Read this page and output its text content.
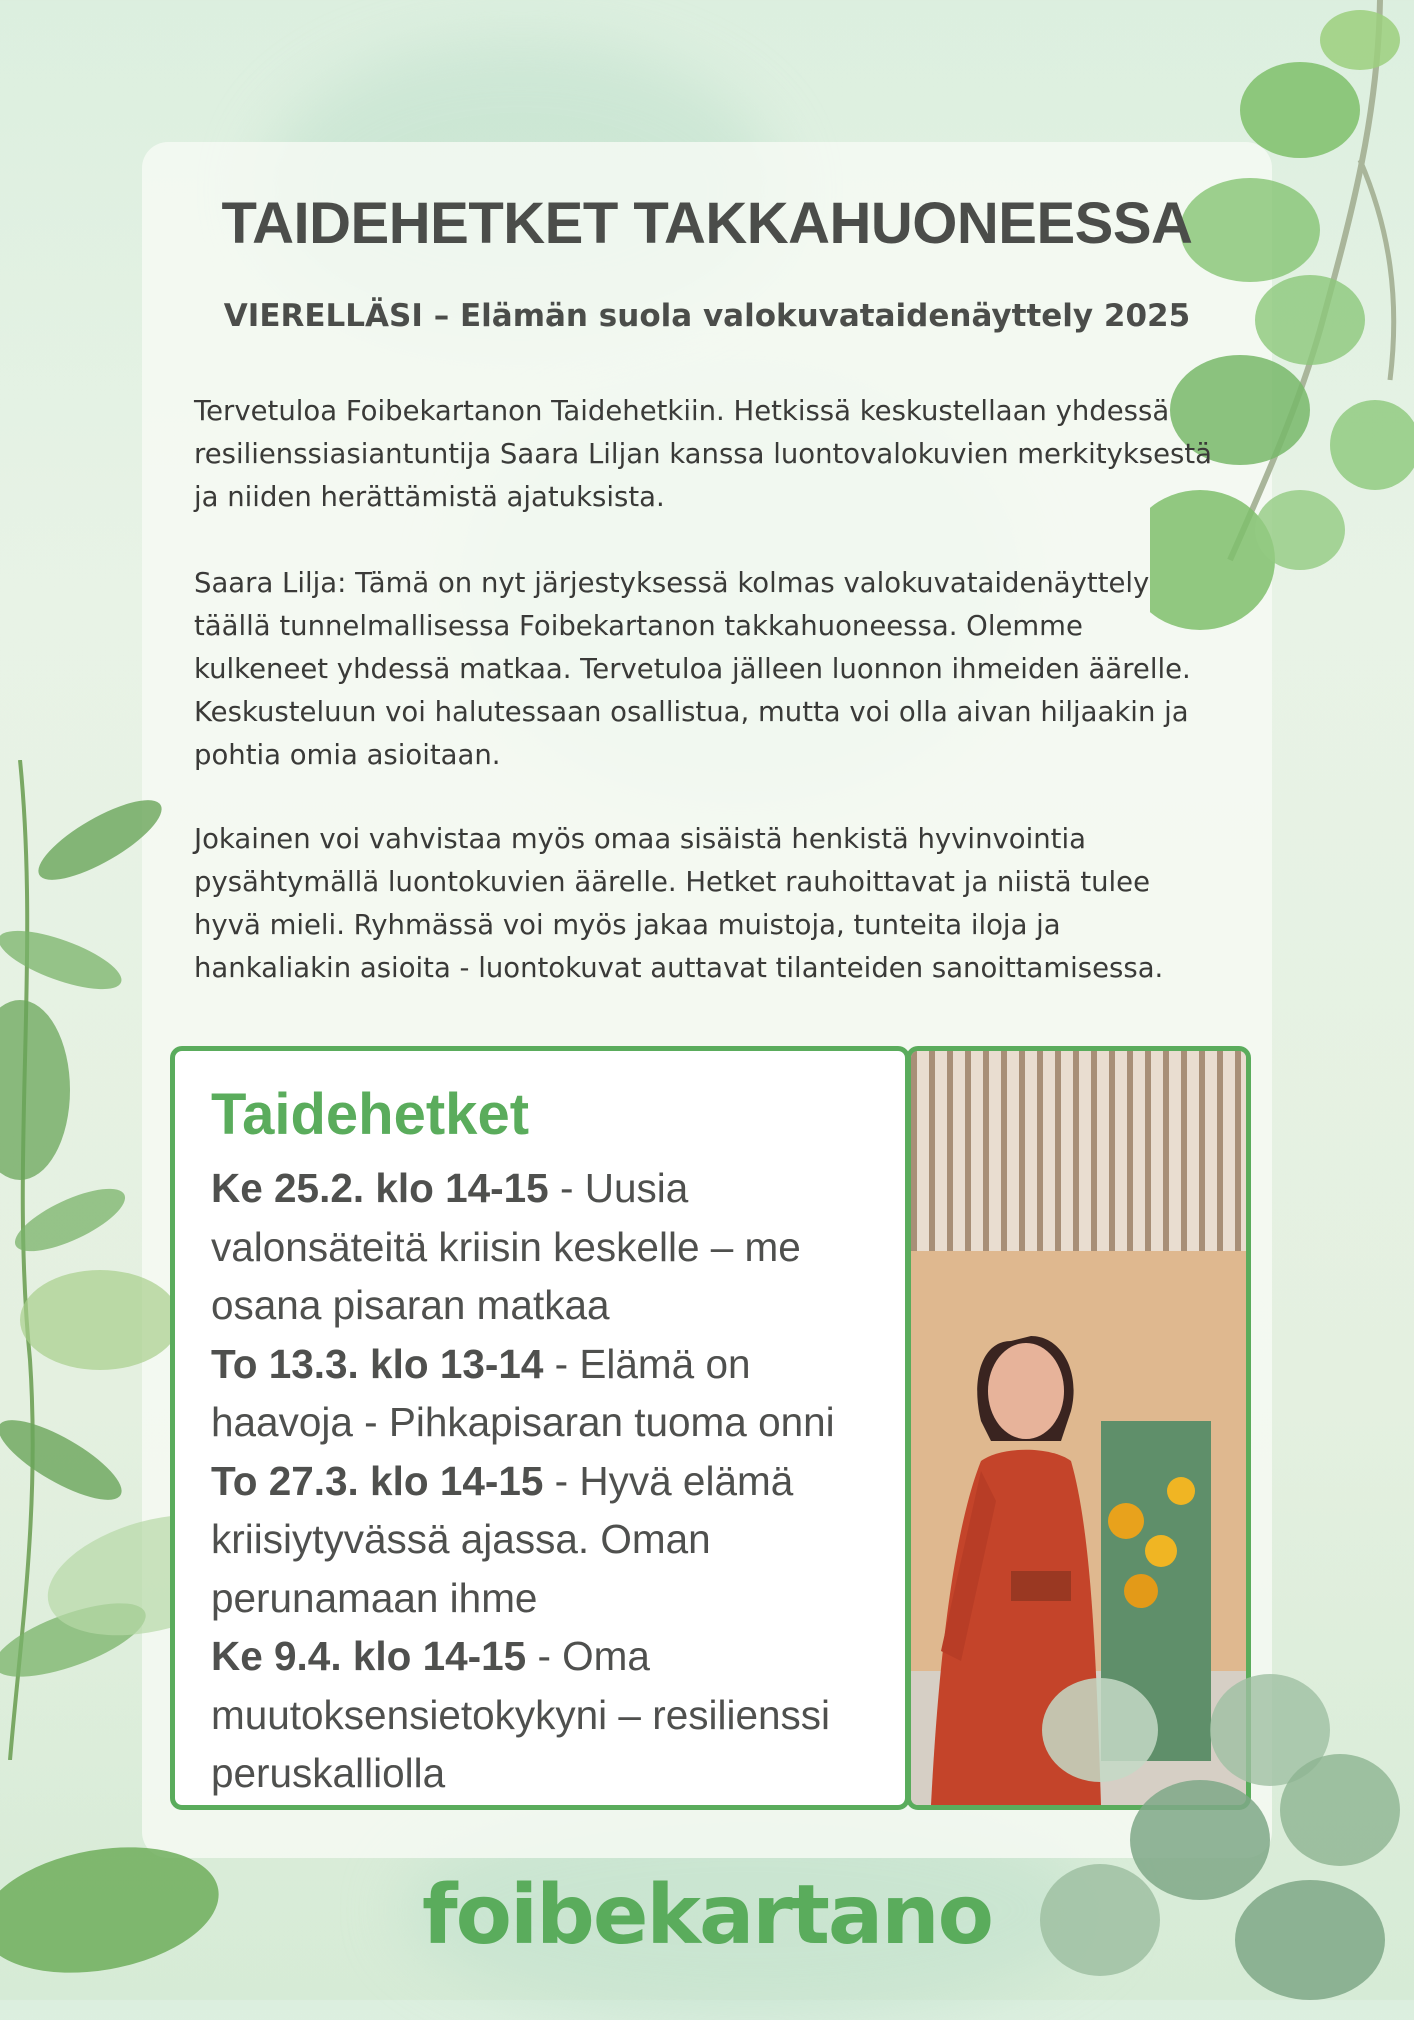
TAIDEHETKET TAKKAHUONEESSA
VIERELLÄSI – Elämän suola valokuvataidenäyttely 2025

Tervetuloa Foibekartanon Taidehetkiin. Hetkissä keskustellaan yhdessä resilienssiasiantuntija Saara Liljan kanssa luontovalokuvien merkityksestä ja niiden herättämistä ajatuksista.

Saara Lilja: Tämä on nyt järjestyksessä kolmas valokuvataidenäyttely täällä tunnelmallisessa Foibekartanon takkahuoneessa. Olemme kulkeneet yhdessä matkaa. Tervetuloa jälleen luonnon ihmeiden äärelle. Keskusteluun voi halutessaan osallistua, mutta voi olla aivan hiljaakin ja pohtia omia asioitaan.

Jokainen voi vahvistaa myös omaa sisäistä henkistä hyvinvointia pysähtymällä luontokuvien äärelle. Hetket rauhoittavat ja niistä tulee hyvä mieli. Ryhmässä voi myös jakaa muistoja, tunteita iloja ja hankaliakin asioita - luontokuvat auttavat tilanteiden sanoittamisessa.

Taidehetket
Ke 25.2. klo 14-15 - Uusia valonsäteitä kriisin keskelle – me osana pisaran matkaa
To 13.3. klo 13-14 - Elämä on haavoja - Pihkapisaran tuoma onni
To 27.3. klo 14-15 - Hyvä elämä kriisiytyvässä ajassa. Oman perunamaan ihme
Ke 9.4. klo 14-15 - Oma muutoksensietokykyni – resilienssi peruskalliolla
foibekartano
